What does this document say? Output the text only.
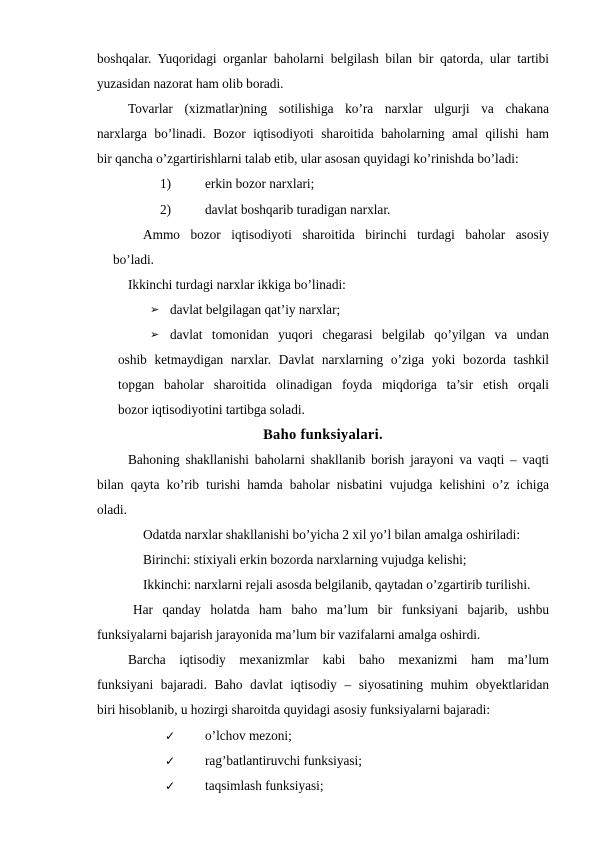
boshqalar. Yuqoridagi organlar baholarni belgilash bilan bir qatorda, ular tartibi
yuzasidan nazorat ham olib boradi.
Tovarlar (xizmatlar)ning sotilishiga ko’ra narxlar ulgurji va chakana
narxlarga bo’linadi. Bozor iqtisodiyoti sharoitida baholarning amal qilishi ham
bir qancha o’zgartirishlarni talab etib, ular asosan quyidagi ko’rinishda bo’ladi:
1)	erkin bozor narxlari;
2)	davlat boshqarib turadigan narxlar.
Ammo bozor iqtisodiyoti sharoitida birinchi turdagi baholar asosiy
bo’ladi.
Ikkinchi turdagi narxlar ikkiga bo’linadi:
➢ davlat belgilagan qat’iy narxlar;
➢ davlat tomonidan yuqori chegarasi belgilab qo’yilgan va undan
oshib ketmaydigan narxlar. Davlat narxlarning o’ziga yoki bozorda tashkil
topgan baholar sharoitida olinadigan foyda miqdoriga ta’sir etish orqali
bozor iqtisodiyotini tartibga soladi.
Baho funksiyalari.
Bahoning shakllanishi baholarni shakllanib borish jarayoni va vaqti – vaqti
bilan qayta ko’rib turishi hamda baholar nisbatini vujudga kelishini o’z ichiga
oladi.
Odatda narxlar shakllanishi bo’yicha 2 xil yo’l bilan amalga oshiriladi:
Birinchi: stixiyali erkin bozorda narxlarning vujudga kelishi;
Ikkinchi: narxlarni rejali asosda belgilanib, qaytadan o’zgartirib turilishi.
Har qanday holatda ham baho ma’lum bir funksiyani bajarib, ushbu
funksiyalarni bajarish jarayonida ma’lum bir vazifalarni amalga oshirdi.
Barcha iqtisodiy mexanizmlar kabi baho mexanizmi ham ma’lum
funksiyani bajaradi. Baho davlat iqtisodiy – siyosatining muhim obyektlaridan
biri hisoblanib, u hozirgi sharoitda quyidagi asosiy funksiyalarni bajaradi:
✓ o’lchov mezoni;
✓ rag’batlantiruvchi funksiyasi;
✓ taqsimlash funksiyasi;
